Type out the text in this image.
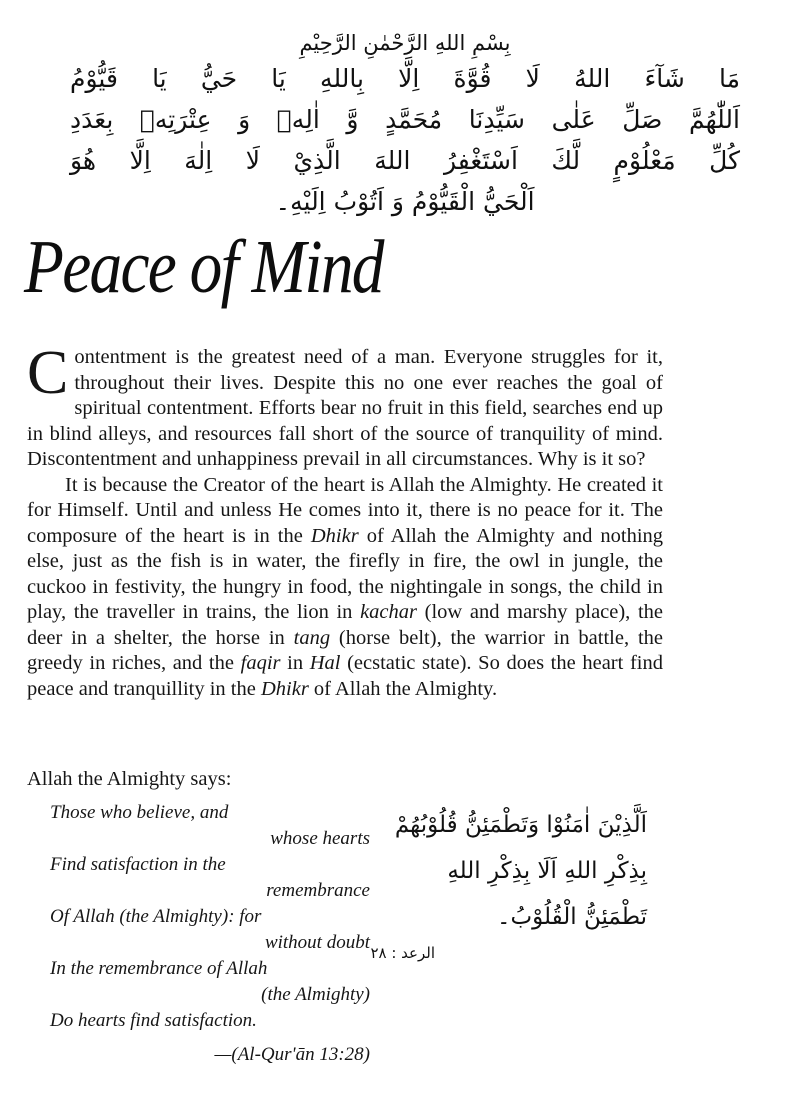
بِسْمِ اللهِ الرَّحْمٰنِ الرَّحِيْمِ
مَا شَآءَ اللهُ لَا قُوَّةَ اِلَّا بِاللهِ يَا حَيُّ يَا قَيُّوْمُ
اَللّٰهُمَّ صَلِّ عَلٰى سَيِّدِنَا مُحَمَّدٍ وَّ اٰلِهٖ وَ عِتْرَتِهٖ بِعَدَدِ
كُلِّ مَعْلُوْمٍ لَّكَ اَسْتَغْفِرُ اللهَ الَّذِيْ لَا اِلٰهَ اِلَّا هُوَ
اَلْحَيُّ الْقَيُّوْمُ وَ اَتُوْبُ اِلَيْهِ۔
Peace of Mind

Contentment is the greatest need of a man. Everyone struggles for it, throughout their lives. Despite this no one ever reaches the goal of spiritual contentment. Efforts bear no fruit in this field, searches end up in blind alleys, and resources fall short of the source of tranquility of mind. Discontentment and unhappiness prevail in all circumstances. Why is it so?

It is because the Creator of the heart is Allah the Almighty. He created it for Himself. Until and unless He comes into it, there is no peace for it. The composure of the heart is in the Dhikr of Allah the Almighty and nothing else, just as the fish is in water, the firefly in fire, the owl in jungle, the cuckoo in festivity, the hungry in food, the nightingale in songs, the child in play, the traveller in trains, the lion in kachar (low and marshy place), the deer in a shelter, the horse in tang (horse belt), the warrior in battle, the greedy in riches, and the faqir in Hal (ecstatic state). So does the heart find peace and tranquillity in the Dhikr of Allah the Almighty.

Allah the Almighty says:
Those who believe, and
whose hearts
Find satisfaction in the
remembrance
Of Allah (the Almighty): for
without doubt
In the remembrance of Allah
(the Almighty)
Do hearts find satisfaction.
—(Al-Qur'ān 13:28)
اَلَّذِيْنَ اٰمَنُوْا وَتَطْمَئِنُّ قُلُوْبُهُمْ
بِذِكْرِ اللهِ اَلَا بِذِكْرِ اللهِ
تَطْمَئِنُّ الْقُلُوْبُ۔
الرعد : ۲۸
